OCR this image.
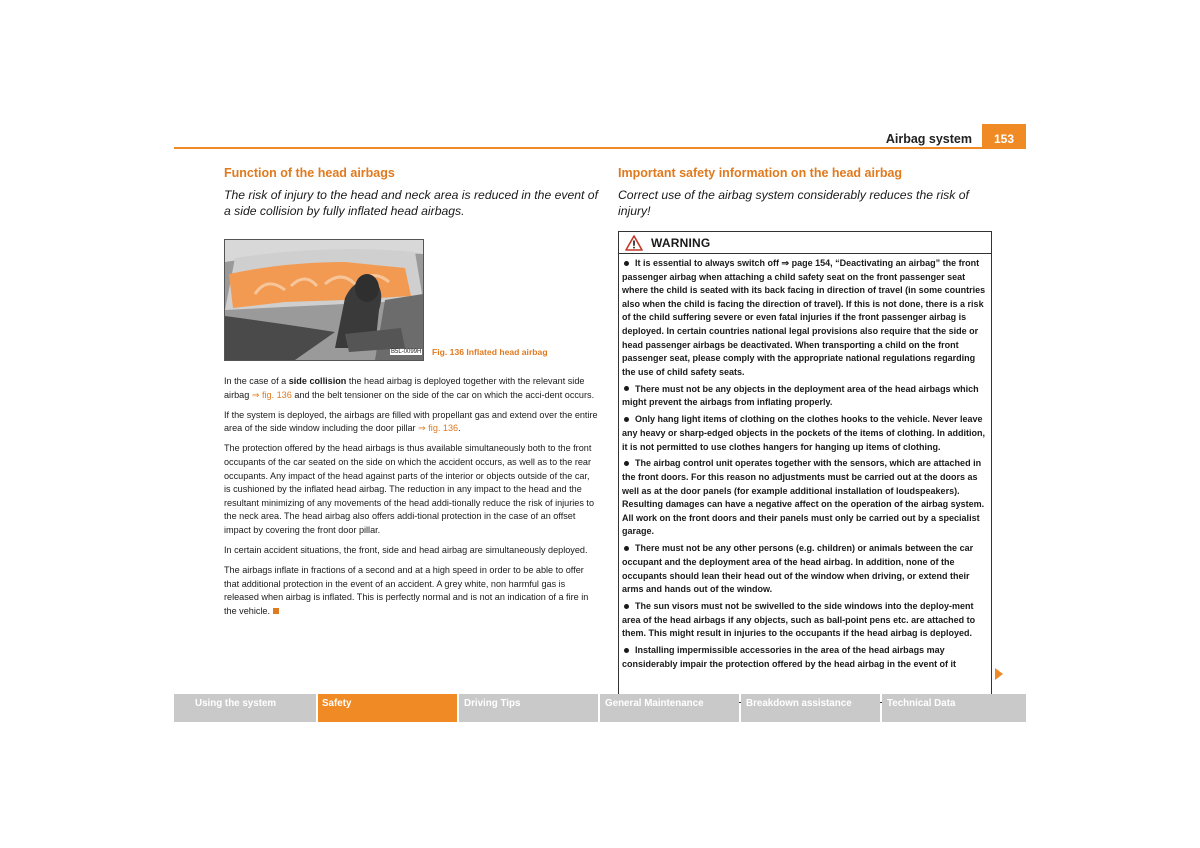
Airbag system	153
Function of the head airbags

The risk of injury to the head and neck area is reduced in the event of a side collision by fully inflated head airbags.

B5L-0099H Fig. 136 Inflated head airbag

In the case of a side collision the head airbag is deployed together with the relevant side airbag ⇒ fig. 136 and the belt tensioner on the side of the car on which the acci-dent occurs.

If the system is deployed, the airbags are filled with propellant gas and extend over the entire area of the side window including the door pillar ⇒ fig. 136.

The protection offered by the head airbags is thus available simultaneously both to the front occupants of the car seated on the side on which the accident occurs, as well as to the rear occupants. Any impact of the head against parts of the interior or objects outside of the car, is cushioned by the inflated head airbag. The reduction in any impact to the head and the resultant minimizing of any movements of the head addi-tionally reduce the risk of injuries to the neck area. The head airbag also offers addi-tional protection in the case of an offset impact by covering the front door pillar.

In certain accident situations, the front, side and head airbag are simultaneously deployed.

The airbags inflate in fractions of a second and at a high speed in order to be able to offer that additional protection in the event of an accident. A grey white, non harmful gas is released when airbag is inflated. This is perfectly normal and is not an indication of a fire in the vehicle.

Important safety information on the head airbag

Correct use of the airbag system considerably reduces the risk of injury!

WARNING

It is essential to always switch off ⇒ page 154, “Deactivating an airbag” the front passenger airbag when attaching a child safety seat on the front passenger seat where the child is seated with its back facing in direction of travel (in some countries also when the child is facing the direction of travel). If this is not done, there is a risk of the child suffering severe or even fatal injuries if the front passenger airbag is deployed. In certain countries national legal provisions also require that the side or head passenger airbags be deactivated. When transporting a child on the front passenger seat, please comply with the appropriate national regulations regarding the use of child safety seats.

There must not be any objects in the deployment area of the head airbags which might prevent the airbags from inflating properly.

Only hang light items of clothing on the clothes hooks to the vehicle. Never leave any heavy or sharp-edged objects in the pockets of the items of clothing. In addition, it is not permitted to use clothes hangers for hanging up items of clothing.

The airbag control unit operates together with the sensors, which are attached in the front doors. For this reason no adjustments must be carried out at the doors as well as at the door panels (for example additional installation of loudspeakers). Resulting damages can have a negative affect on the operation of the airbag system. All work on the front doors and their panels must only be carried out by a specialist garage.

There must not be any other persons (e.g. children) or animals between the car occupant and the deployment area of the head airbag. In addition, none of the occupants should lean their head out of the window when driving, or extend their arms and hands out of the window.

The sun visors must not be swivelled to the side windows into the deploy-ment area of the head airbags if any objects, such as ball-point pens etc. are attached to them. This might result in injuries to the occupants if the head airbag is deployed.

Installing impermissible accessories in the area of the head airbags may considerably impair the protection offered by the head airbag in the event of it

Using the system	Safety	Driving Tips	General Maintenance	Breakdown assistance	Technical Data
